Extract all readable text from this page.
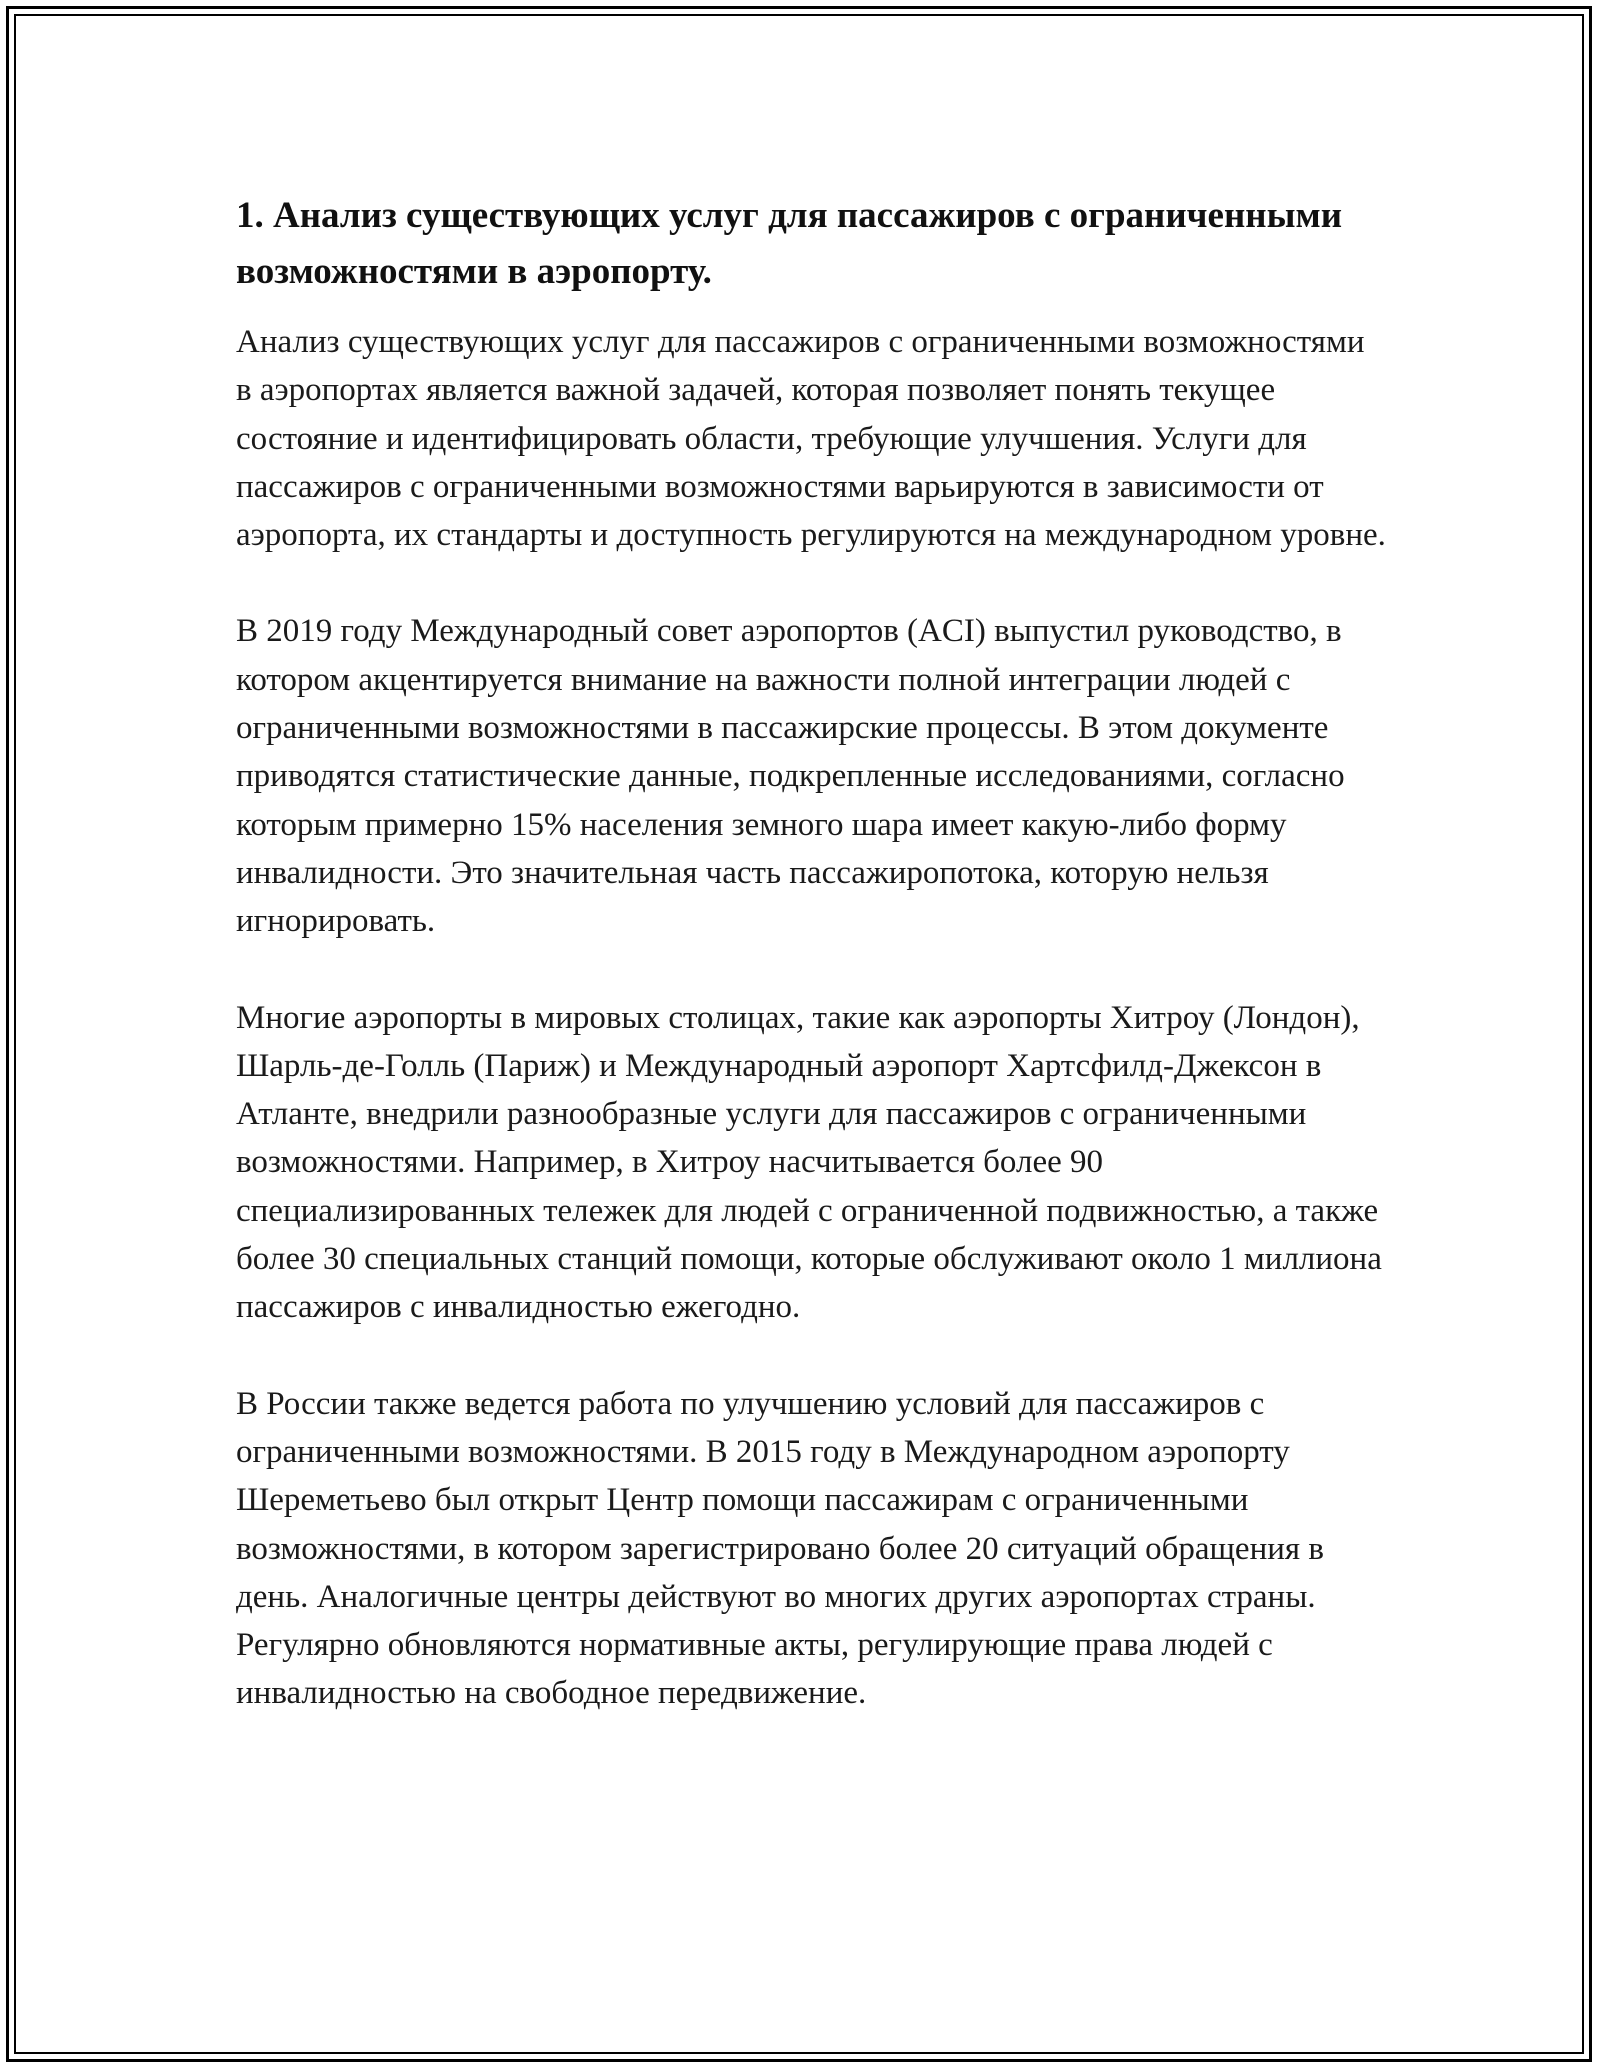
1. Анализ существующих услуг для пассажиров с ограниченными возможностями в аэропорту.

Анализ существующих услуг для пассажиров с ограниченными возможностями в аэропортах является важной задачей, которая позволяет понять текущее состояние и идентифицировать области, требующие улучшения. Услуги для пассажиров с ограниченными возможностями варьируются в зависимости от аэропорта, их стандарты и доступность регулируются на международном уровне.

В 2019 году Международный совет аэропортов (ACI) выпустил руководство, в котором акцентируется внимание на важности полной интеграции людей с ограниченными возможностями в пассажирские процессы. В этом документе приводятся статистические данные, подкрепленные исследованиями, согласно которым примерно 15% населения земного шара имеет какую-либо форму инвалидности. Это значительная часть пассажиропотока, которую нельзя игнорировать.

Многие аэропорты в мировых столицах, такие как аэропорты Хитроу (Лондон), Шарль-де-Голль (Париж) и Международный аэропорт Хартсфилд-Джексон в Атланте, внедрили разнообразные услуги для пассажиров с ограниченными возможностями. Например, в Хитроу насчитывается более 90 специализированных тележек для людей с ограниченной подвижностью, а также более 30 специальных станций помощи, которые обслуживают около 1 миллиона пассажиров с инвалидностью ежегодно.

В России также ведется работа по улучшению условий для пассажиров с ограниченными возможностями. В 2015 году в Международном аэропорту Шереметьево был открыт Центр помощи пассажирам с ограниченными возможностями, в котором зарегистрировано более 20 ситуаций обращения в день. Аналогичные центры действуют во многих других аэропортах страны. Регулярно обновляются нормативные акты, регулирующие права людей с инвалидностью на свободное передвижение.
